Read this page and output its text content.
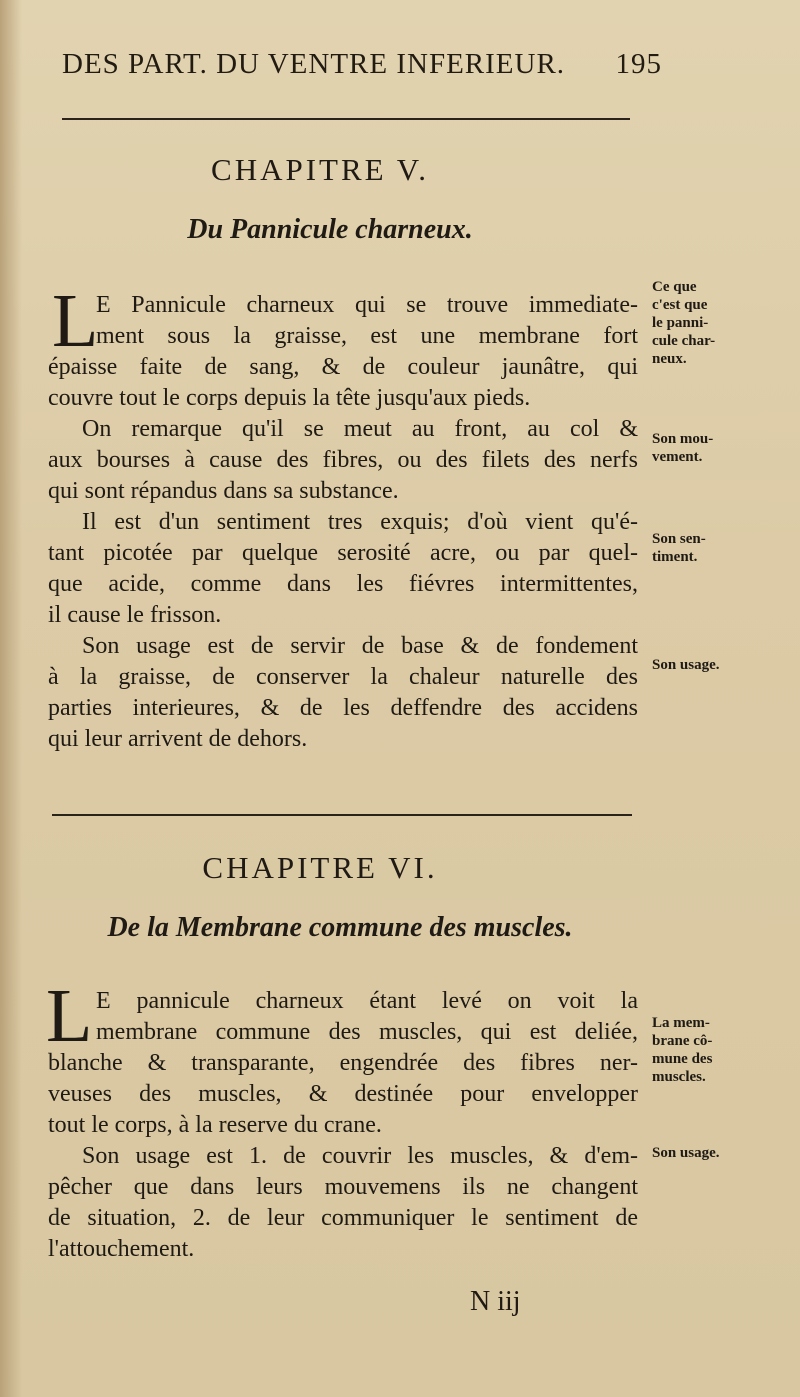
DES PART. DU VENTRE INFERIEUR. 195
CHAPITRE V.
Du Pannicule charneux.
L
E Pannicule charneux qui se trouve immediate-
ment sous la graisse, est une membrane fort
épaisse faite de sang, & de couleur jaunâtre, qui
couvre tout le corps depuis la tête jusqu'aux pieds.
On remarque qu'il se meut au front, au col &
aux bourses à cause des fibres, ou des filets des nerfs
qui sont répandus dans sa substance.
Il est d'un sentiment tres exquis; d'où vient qu'é-
tant picotée par quelque serosité acre, ou par quel-
que acide, comme dans les fiévres intermittentes,
il cause le frisson.
Son usage est de servir de base & de fondement
à la graisse, de conserver la chaleur naturelle des
parties interieures, & de les deffendre des accidens
qui leur arrivent de dehors.
Ce que
c'est que
le panni-
cule char-
neux.
Son mou-
vement.
Son sen-
timent.
Son usage.
CHAPITRE VI.
De la Membrane commune des muscles.
L E pannicule charneux étant levé on voit la
membrane commune des muscles, qui est deliée,
blanche & transparante, engendrée des fibres ner-
veuses des muscles, & destinée pour envelopper
tout le corps, à la reserve du crane.
Son usage est 1. de couvrir les muscles, & d'em-
pêcher que dans leurs mouvemens ils ne changent
de situation, 2. de leur communiquer le sentiment de
l'attouchement.
La mem-
brane cô-
mune des
muscles.
Son usage.
N iij
